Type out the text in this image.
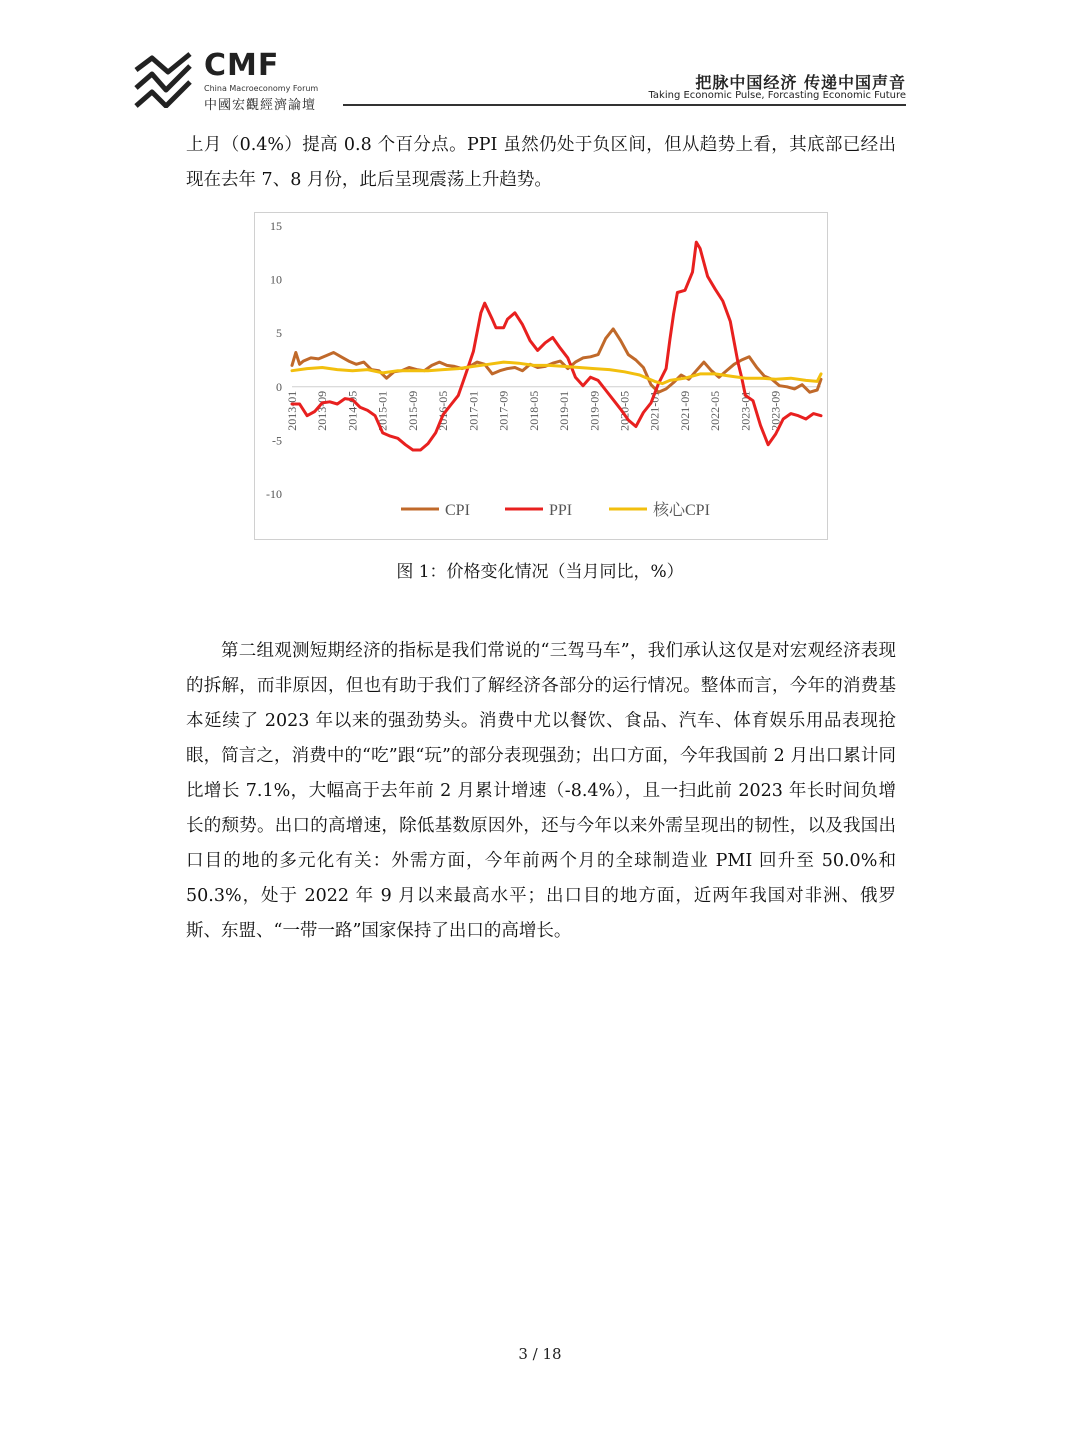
CMF
China Macroeconomy Forum
中國宏觀經濟論壇
把脉中国经济 传递中国声音
Taking Economic Pulse, Forcasting Economic Future

上月（0.4%）提高 0.8 个百分点。PPI 虽然仍处于负区间，但从趋势上看，其底部已经出现在去年 7、8 月份，此后呈现震荡上升趋势。

15
10
5
0
-5
-10
2013-01 2013-09 2014-05 2015-01 2015-09 2016-05 2017-01 2017-09 2018-05 2019-01 2019-09 2020-05 2021-01 2021-09 2022-05 2023-01 2023-09
CPI	PPI	核心CPI
图 1：价格变化情况（当月同比，%）

第二组观测短期经济的指标是我们常说的“三驾马车”，我们承认这仅是对宏观经济表现的拆解，而非原因，但也有助于我们了解经济各部分的运行情况。整体而言，今年的消费基本延续了 2023 年以来的强劲势头。消费中尤以餐饮、食品、汽车、体育娱乐用品表现抢眼，简言之，消费中的“吃”跟“玩”的部分表现强劲；出口方面，今年我国前 2 月出口累计同比增长 7.1%，大幅高于去年前 2 月累计增速（-8.4%），且一扫此前 2023 年长时间负增长的颓势。出口的高增速，除低基数原因外，还与今年以来外需呈现出的韧性，以及我国出口目的地的多元化有关：外需方面，今年前两个月的全球制造业 PMI 回升至 50.0%和 50.3%，处于 2022 年 9 月以来最高水平；出口目的地方面，近两年我国对非洲、俄罗斯、东盟、“一带一路”国家保持了出口的高增长。

3 / 18
